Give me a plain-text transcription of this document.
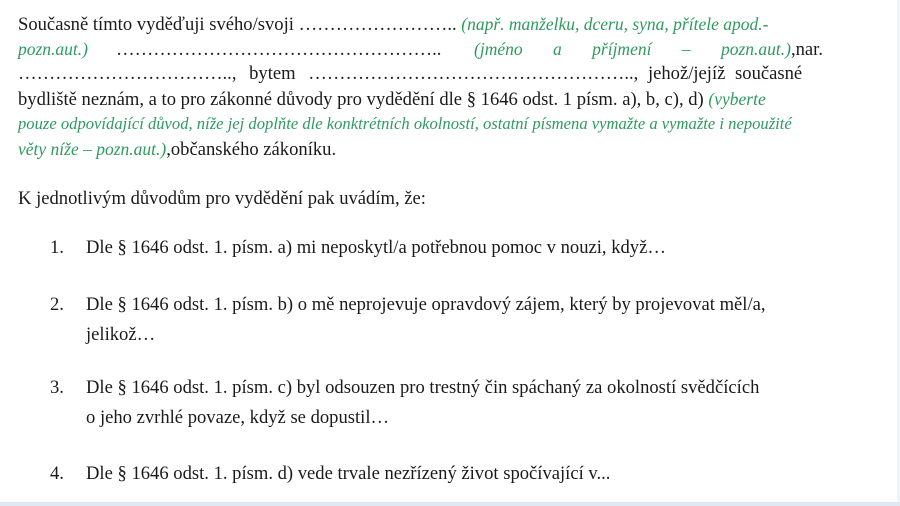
Současně tímto vyděďuji svého/svoji …………………….. (např. manželku, dceru, syna, přítele apod.-
pozn.aut.) …………………………………………….. (jméno a příjmení – pozn.aut.),nar.
…………………………….., bytem …………………………………………….., jehož/jejíž současné
bydliště neznám, a to pro zákonné důvody pro vydědění dle § 1646 odst. 1 písm. a), b, c), d) (vyberte
pouze odpovídající důvod, níže jej doplňte dle konktrétních okolností, ostatní písmena vymažte a vymažte i nepoužité
věty níže – pozn.aut.),občanského zákoníku.
K jednotlivým důvodům pro vydědění pak uvádím, že:
1. Dle § 1646 odst. 1. písm. a) mi neposkytl/a potřebnou pomoc v nouzi, když…
2. Dle § 1646 odst. 1. písm. b) o mě neprojevuje opravdový zájem, který by projevovat měl/a,
jelikož…
3. Dle § 1646 odst. 1. písm. c) byl odsouzen pro trestný čin spáchaný za okolností svědčících
o jeho zvrhlé povaze, když se dopustil…
4. Dle § 1646 odst. 1. písm. d) vede trvale nezřízený život spočívající v...
